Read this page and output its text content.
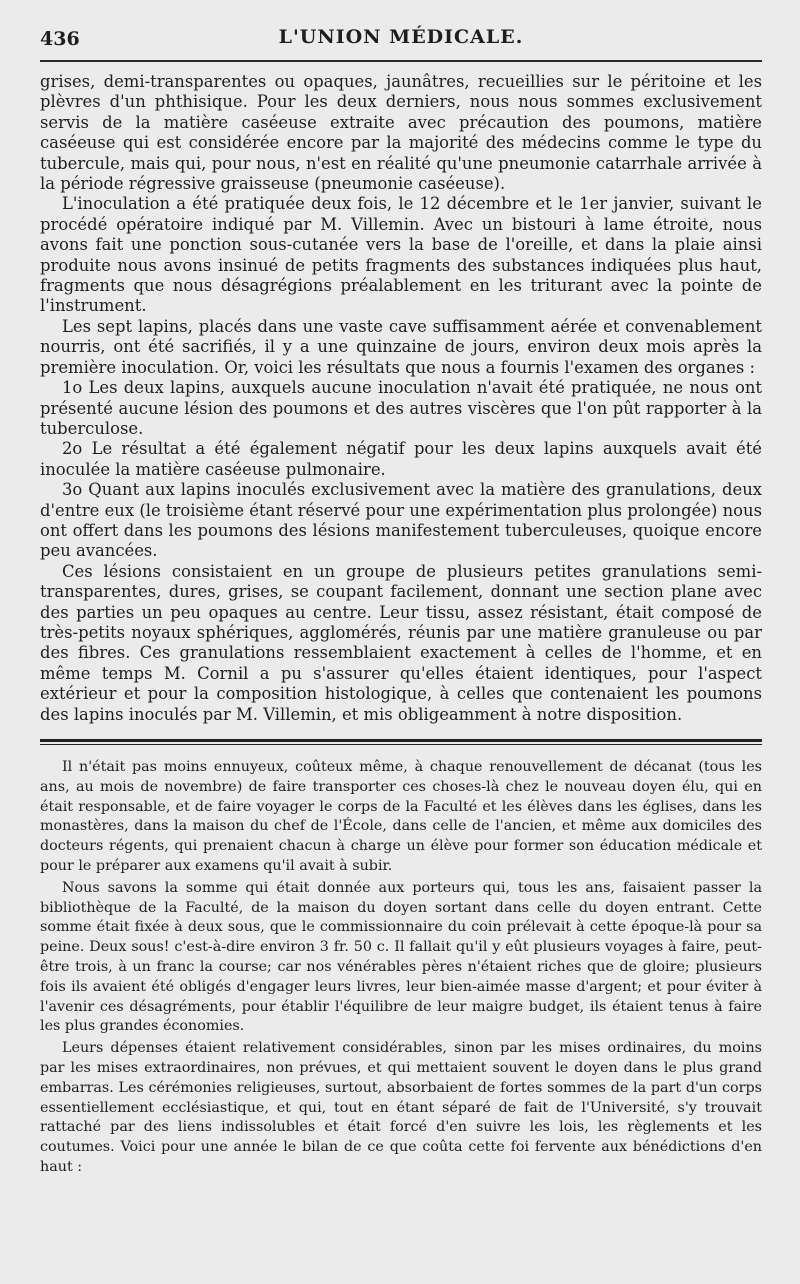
436	L'UNION MÉDICALE.

grises, demi-transparentes ou opaques, jaunâtres, recueillies sur le péritoine et les plèvres d'un phthisique. Pour les deux derniers, nous nous sommes exclusivement servis de la matière caséeuse extraite avec précaution des poumons, matière caséeuse qui est considérée encore par la majorité des médecins comme le type du tubercule, mais qui, pour nous, n'est en réalité qu'une pneumonie catarrhale arrivée à la période régressive graisseuse (pneumonie caséeuse).

L'inoculation a été pratiquée deux fois, le 12 décembre et le 1er janvier, suivant le procédé opératoire indiqué par M. Villemin. Avec un bistouri à lame étroite, nous avons fait une ponction sous-cutanée vers la base de l'oreille, et dans la plaie ainsi produite nous avons insinué de petits fragments des substances indiquées plus haut, fragments que nous désagrégions préalablement en les triturant avec la pointe de l'instrument.

Les sept lapins, placés dans une vaste cave suffisamment aérée et convenablement nourris, ont été sacrifiés, il y a une quinzaine de jours, environ deux mois après la première inoculation. Or, voici les résultats que nous a fournis l'examen des organes :

1o Les deux lapins, auxquels aucune inoculation n'avait été pratiquée, ne nous ont présenté aucune lésion des poumons et des autres viscères que l'on pût rapporter à la tuberculose.

2o Le résultat a été également négatif pour les deux lapins auxquels avait été inoculée la matière caséeuse pulmonaire.

3o Quant aux lapins inoculés exclusivement avec la matière des granulations, deux d'entre eux (le troisième étant réservé pour une expérimentation plus prolongée) nous ont offert dans les poumons des lésions manifestement tuberculeuses, quoique encore peu avancées.

Ces lésions consistaient en un groupe de plusieurs petites granulations semi-transparentes, dures, grises, se coupant facilement, donnant une section plane avec des parties un peu opaques au centre. Leur tissu, assez résistant, était composé de très-petits noyaux sphériques, agglomérés, réunis par une matière granuleuse ou par des fibres. Ces granulations ressemblaient exactement à celles de l'homme, et en même temps M. Cornil a pu s'assurer qu'elles étaient identiques, pour l'aspect extérieur et pour la composition histologique, à celles que contenaient les poumons des lapins inoculés par M. Villemin, et mis obligeamment à notre disposition.

Il n'était pas moins ennuyeux, coûteux même, à chaque renouvellement de décanat (tous les ans, au mois de novembre) de faire transporter ces choses-là chez le nouveau doyen élu, qui en était responsable, et de faire voyager le corps de la Faculté et les élèves dans les églises, dans les monastères, dans la maison du chef de l'École, dans celle de l'ancien, et même aux domiciles des docteurs régents, qui prenaient chacun à charge un élève pour former son éducation médicale et pour le préparer aux examens qu'il avait à subir.

Nous savons la somme qui était donnée aux porteurs qui, tous les ans, faisaient passer la bibliothèque de la Faculté, de la maison du doyen sortant dans celle du doyen entrant. Cette somme était fixée à deux sous, que le commissionnaire du coin prélevait à cette époque-là pour sa peine. Deux sous! c'est-à-dire environ 3 fr. 50 c. Il fallait qu'il y eût plusieurs voyages à faire, peut-être trois, à un franc la course; car nos vénérables pères n'étaient riches que de gloire; plusieurs fois ils avaient été obligés d'engager leurs livres, leur bien-aimée masse d'argent; et pour éviter à l'avenir ces désagréments, pour établir l'équilibre de leur maigre budget, ils étaient tenus à faire les plus grandes économies.

Leurs dépenses étaient relativement considérables, sinon par les mises ordinaires, du moins par les mises extraordinaires, non prévues, et qui mettaient souvent le doyen dans le plus grand embarras. Les cérémonies religieuses, surtout, absorbaient de fortes sommes de la part d'un corps essentiellement ecclésiastique, et qui, tout en étant séparé de fait de l'Université, s'y trouvait rattaché par des liens indissolubles et était forcé d'en suivre les lois, les règlements et les coutumes. Voici pour une année le bilan de ce que coûta cette foi fervente aux bénédictions d'en haut :
